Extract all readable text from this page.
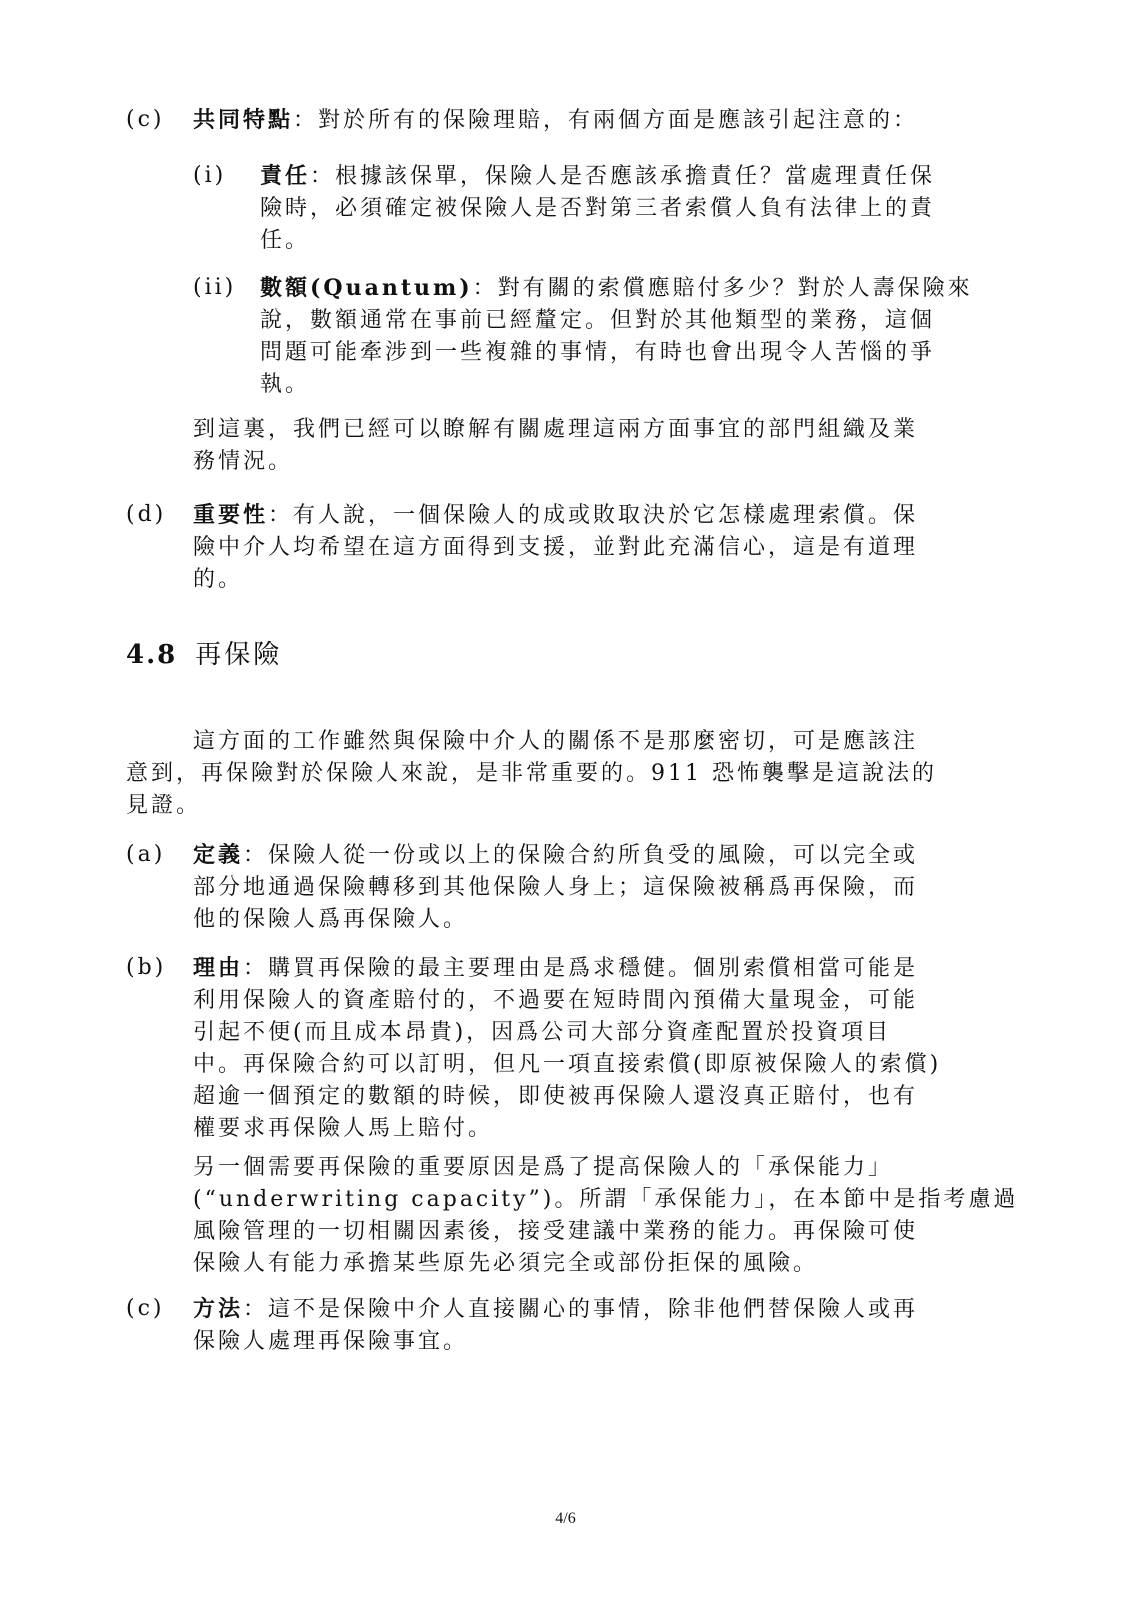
(c) 共同特點：對於所有的保險理賠，有兩個方面是應該引起注意的：
(i) 責任：根據該保單，保險人是否應該承擔責任？當處理責任保
險時，必須確定被保險人是否對第三者索償人負有法律上的責
任。
(ii) 數額(Quantum)：對有關的索償應賠付多少？對於人壽保險來
說，數額通常在事前已經釐定。但對於其他類型的業務，這個
問題可能牽涉到一些複雜的事情，有時也會出現令人苦惱的爭
執。
到這裏，我們已經可以瞭解有關處理這兩方面事宜的部門組織及業
務情況。
(d) 重要性：有人說，一個保險人的成或敗取決於它怎樣處理索償。保
險中介人均希望在這方面得到支援，並對此充滿信心，這是有道理
的。
4.8 再保險
這方面的工作雖然與保險中介人的關係不是那麼密切，可是應該注
意到，再保險對於保險人來說，是非常重要的。911 恐怖襲擊是這說法的
見證。
(a) 定義：保險人從一份或以上的保險合約所負受的風險，可以完全或
部分地通過保險轉移到其他保險人身上；這保險被稱爲再保險，而
他的保險人爲再保險人。
(b) 理由：購買再保險的最主要理由是爲求穩健。個別索償相當可能是
利用保險人的資產賠付的，不過要在短時間內預備大量現金，可能
引起不便(而且成本昂貴)，因爲公司大部分資產配置於投資項目
中。再保險合約可以訂明，但凡一項直接索償(即原被保險人的索償)
超逾一個預定的數額的時候，即使被再保險人還沒真正賠付，也有
權要求再保險人馬上賠付。
另一個需要再保險的重要原因是爲了提高保險人的「承保能力」
(“underwriting capacity”)。所謂「承保能力」，在本節中是指考慮過
風險管理的一切相關因素後，接受建議中業務的能力。再保險可使
保險人有能力承擔某些原先必須完全或部份拒保的風險。
(c) 方法：這不是保險中介人直接關心的事情，除非他們替保險人或再
保險人處理再保險事宜。
4/6
